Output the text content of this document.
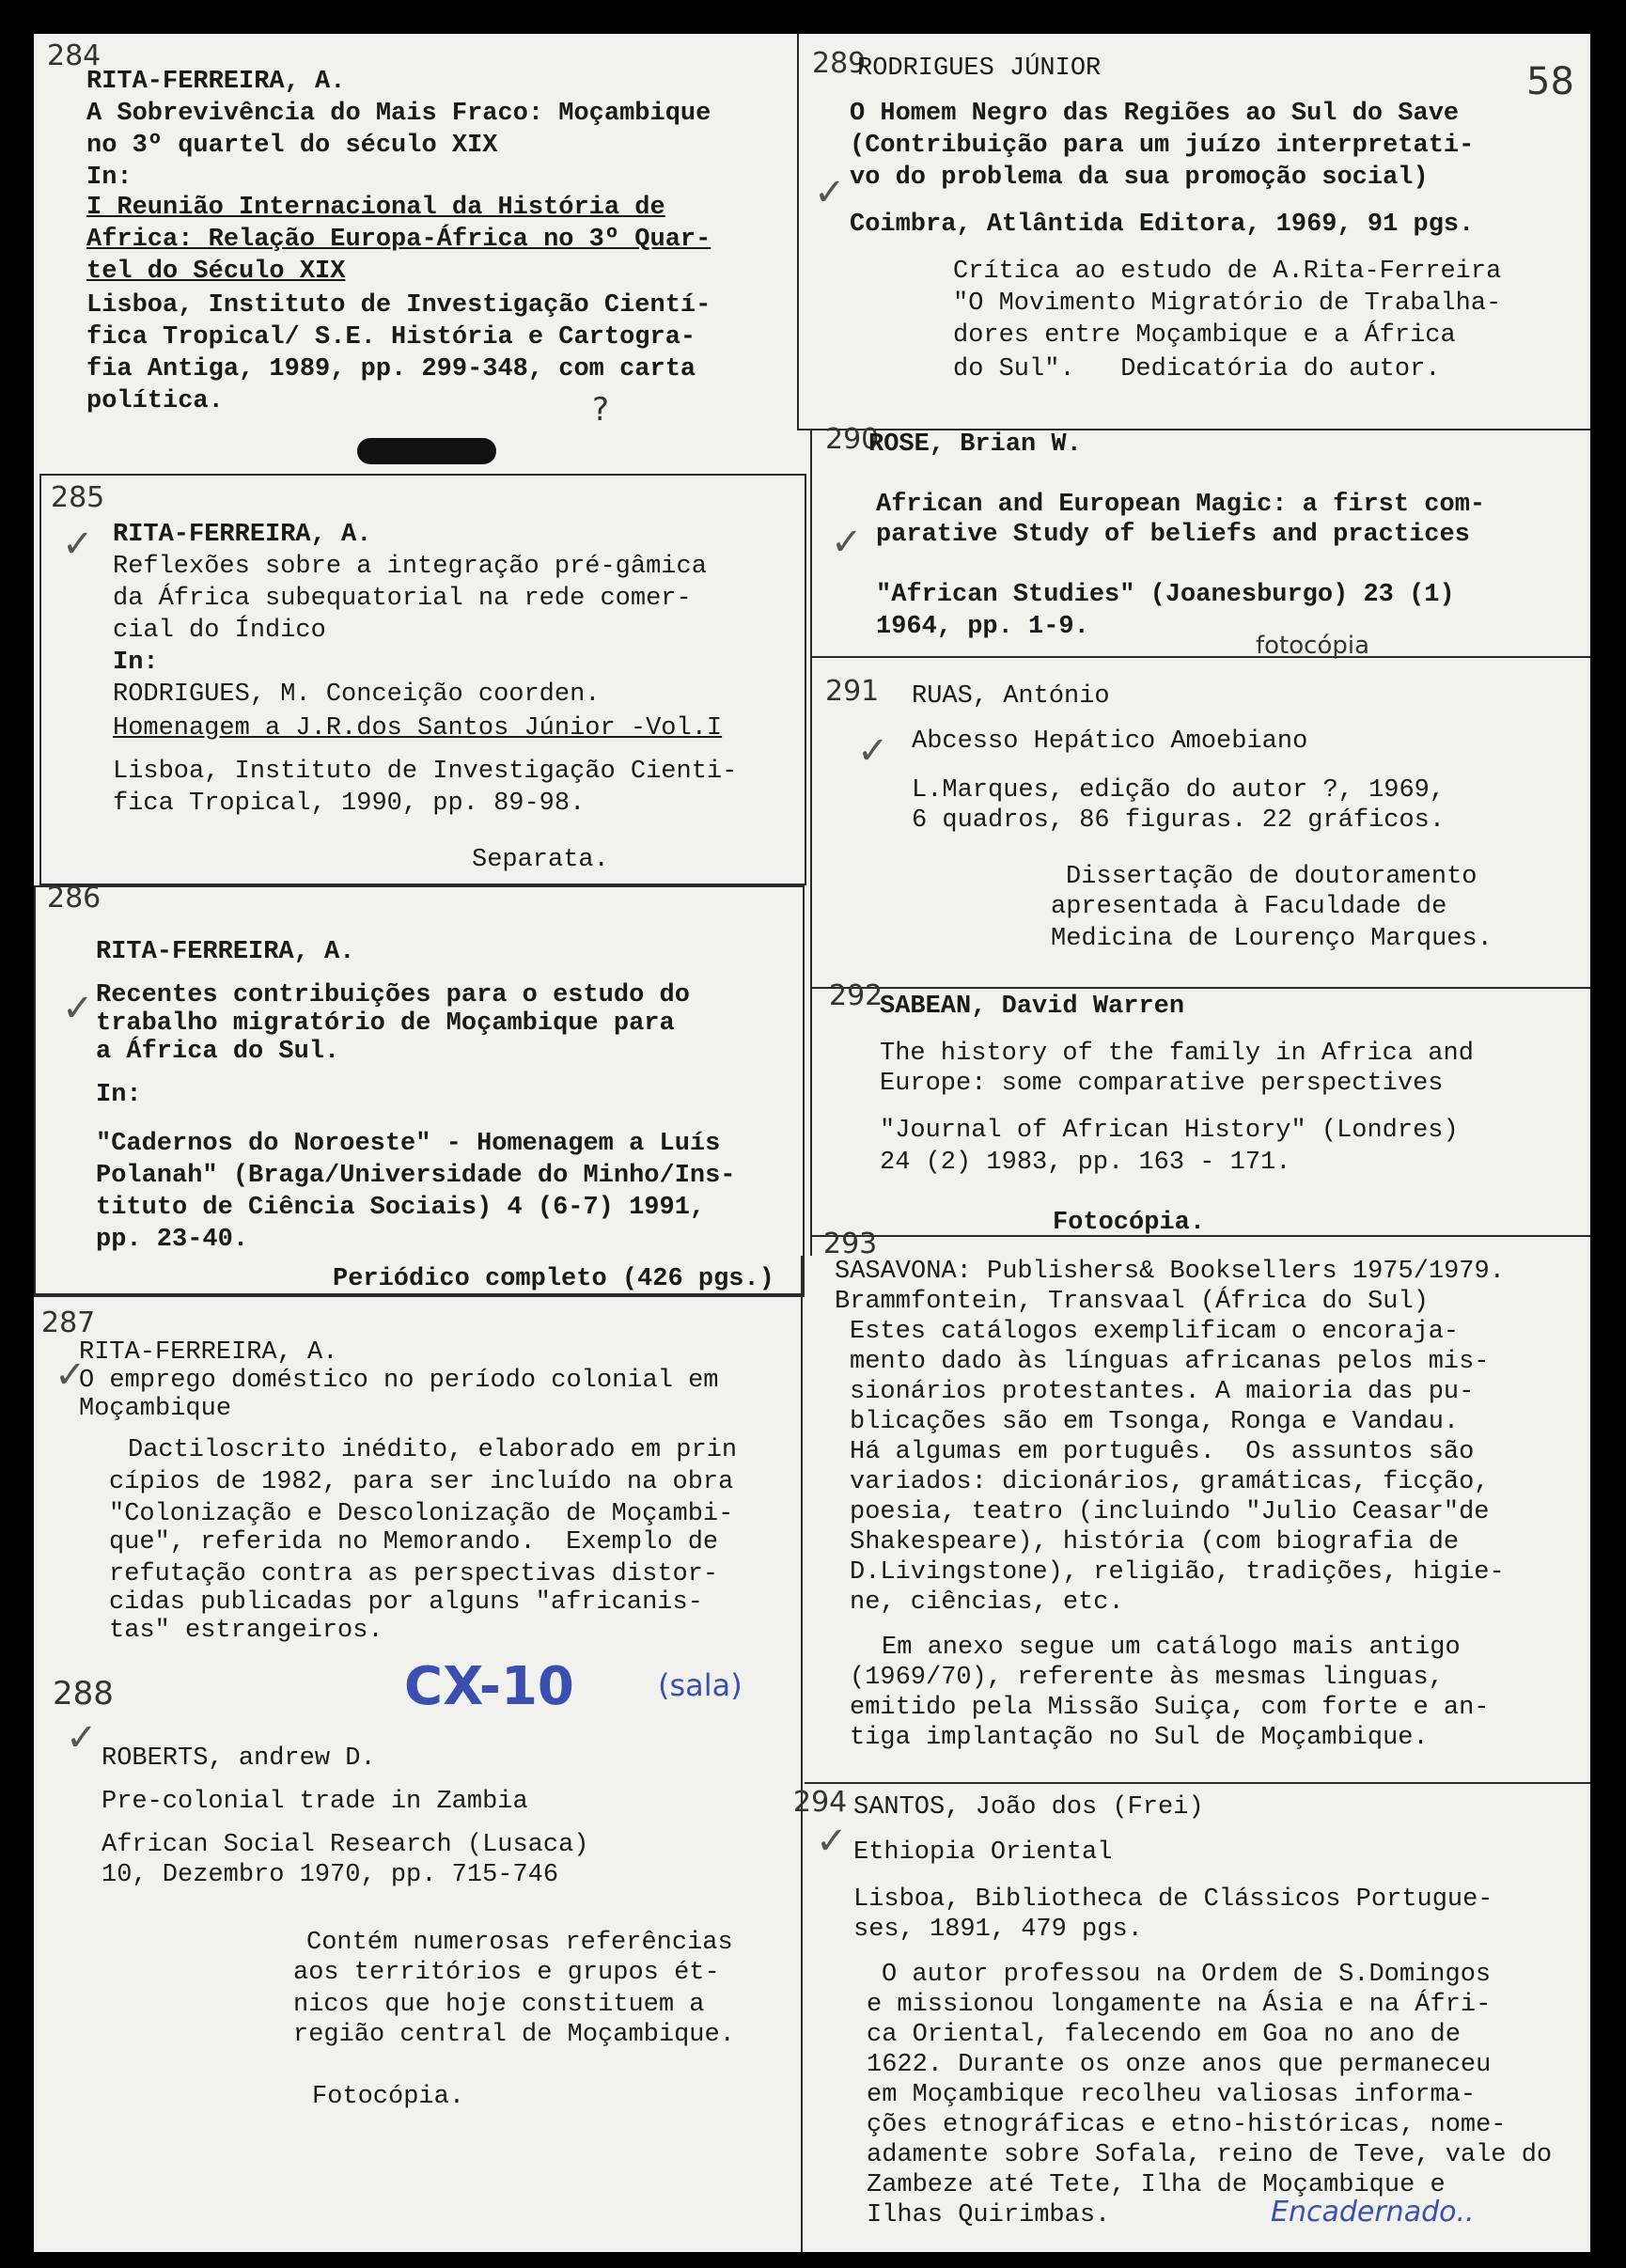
58
284
RITA-FERREIRA, A.
A Sobrevivência do Mais Fraco: Moçambique
no 3º quartel do século XIX
In:
I Reunião Internacional da História de
Africa: Relação Europa-África no 3º Quar-
tel do Século XIX
Lisboa, Instituto de Investigação Cientí-
fica Tropical/ S.E. História e Cartogra-
fia Antiga, 1989, pp. 299-348, com carta
política.	?
285
✓ RITA-FERREIRA, A.
Reflexões sobre a integração pré-gâmica
da África subequatorial na rede comer-
cial do Índico
In:
RODRIGUES, M. Conceição coorden.
Homenagem a J.R.dos Santos Júnior -Vol.I
Lisboa, Instituto de Investigação Cienti-
fica Tropical, 1990, pp. 89-98.
Separata.
286
✓
RITA-FERREIRA, A.
Recentes contribuições para o estudo do
trabalho migratório de Moçambique para
a África do Sul.
In:
"Cadernos do Noroeste" - Homenagem a Luís
Polanah" (Braga/Universidade do Minho/Ins-
tituto de Ciência Sociais) 4 (6-7) 1991,
pp. 23-40.
Periódico completo (426 pgs.)
287
✓
RITA-FERREIRA, A.
O emprego doméstico no período colonial em
Moçambique
Dactiloscrito inédito, elaborado em prin
cípios de 1982, para ser incluído na obra
"Colonização e Descolonização de Moçambi-
que", referida no Memorando.  Exemplo de
refutação contra as perspectivas distor-
cidas publicadas por alguns "africanis-
tas" estrangeiros.
288
✓
CX-10	(sala)
ROBERTS, andrew D.
Pre-colonial trade in Zambia
African Social Research (Lusaca)
10, Dezembro 1970, pp. 715-746
Contém numerosas referências
aos territórios e grupos ét-
nicos que hoje constituem a
região central de Moçambique.
Fotocópia.
289
✓
RODRIGUES JÚNIOR
O Homem Negro das Regiões ao Sul do Save
(Contribuição para um juízo interpretati-
vo do problema da sua promoção social)
Coimbra, Atlântida Editora, 1969, 91 pgs.
Crítica ao estudo de A.Rita-Ferreira
"O Movimento Migratório de Trabalha-
dores entre Moçambique e a África
do Sul".   Dedicatória do autor.
290
✓
ROSE, Brian W.
African and European Magic: a first com-
parative Study of beliefs and practices
"African Studies" (Joanesburgo) 23 (1)
1964, pp. 1-9.
fotocópia
291
✓
RUAS, António
Abcesso Hepático Amoebiano
L.Marques, edição do autor ?, 1969,
6 quadros, 86 figuras. 22 gráficos.
Dissertação de doutoramento
apresentada à Faculdade de
Medicina de Lourenço Marques.
292
SABEAN, David Warren
The history of the family in Africa and
Europe: some comparative perspectives
"Journal of African History" (Londres)
24 (2) 1983, pp. 163 - 171.
Fotocópia.
293
SASAVONA: Publishers& Booksellers 1975/1979.
Brammfontein, Transvaal (África do Sul)
Estes catálogos exemplificam o encoraja-
mento dado às línguas africanas pelos mis-
sionários protestantes. A maioria das pu-
blicações são em Tsonga, Ronga e Vandau.
Há algumas em português.  Os assuntos são
variados: dicionários, gramáticas, ficção,
poesia, teatro (incluindo "Julio Ceasar"de
Shakespeare), história (com biografia de
D.Livingstone), religião, tradições, higie-
ne, ciências, etc.
Em anexo segue um catálogo mais antigo
(1969/70), referente às mesmas linguas,
emitido pela Missão Suiça, com forte e an-
tiga implantação no Sul de Moçambique.
294
✓
SANTOS, João dos (Frei)
Ethiopia Oriental
Lisboa, Bibliotheca de Clássicos Portugue-
ses, 1891, 479 pgs.
O autor professou na Ordem de S.Domingos
e missionou longamente na Ásia e na Áfri-
ca Oriental, falecendo em Goa no ano de
1622. Durante os onze anos que permaneceu
em Moçambique recolheu valiosas informa-
ções etnográficas e etno-históricas, nome-
adamente sobre Sofala, reino de Teve, vale do
Zambeze até Tete, Ilha de Moçambique e
Ilhas Quirimbas.	Encadernado..
